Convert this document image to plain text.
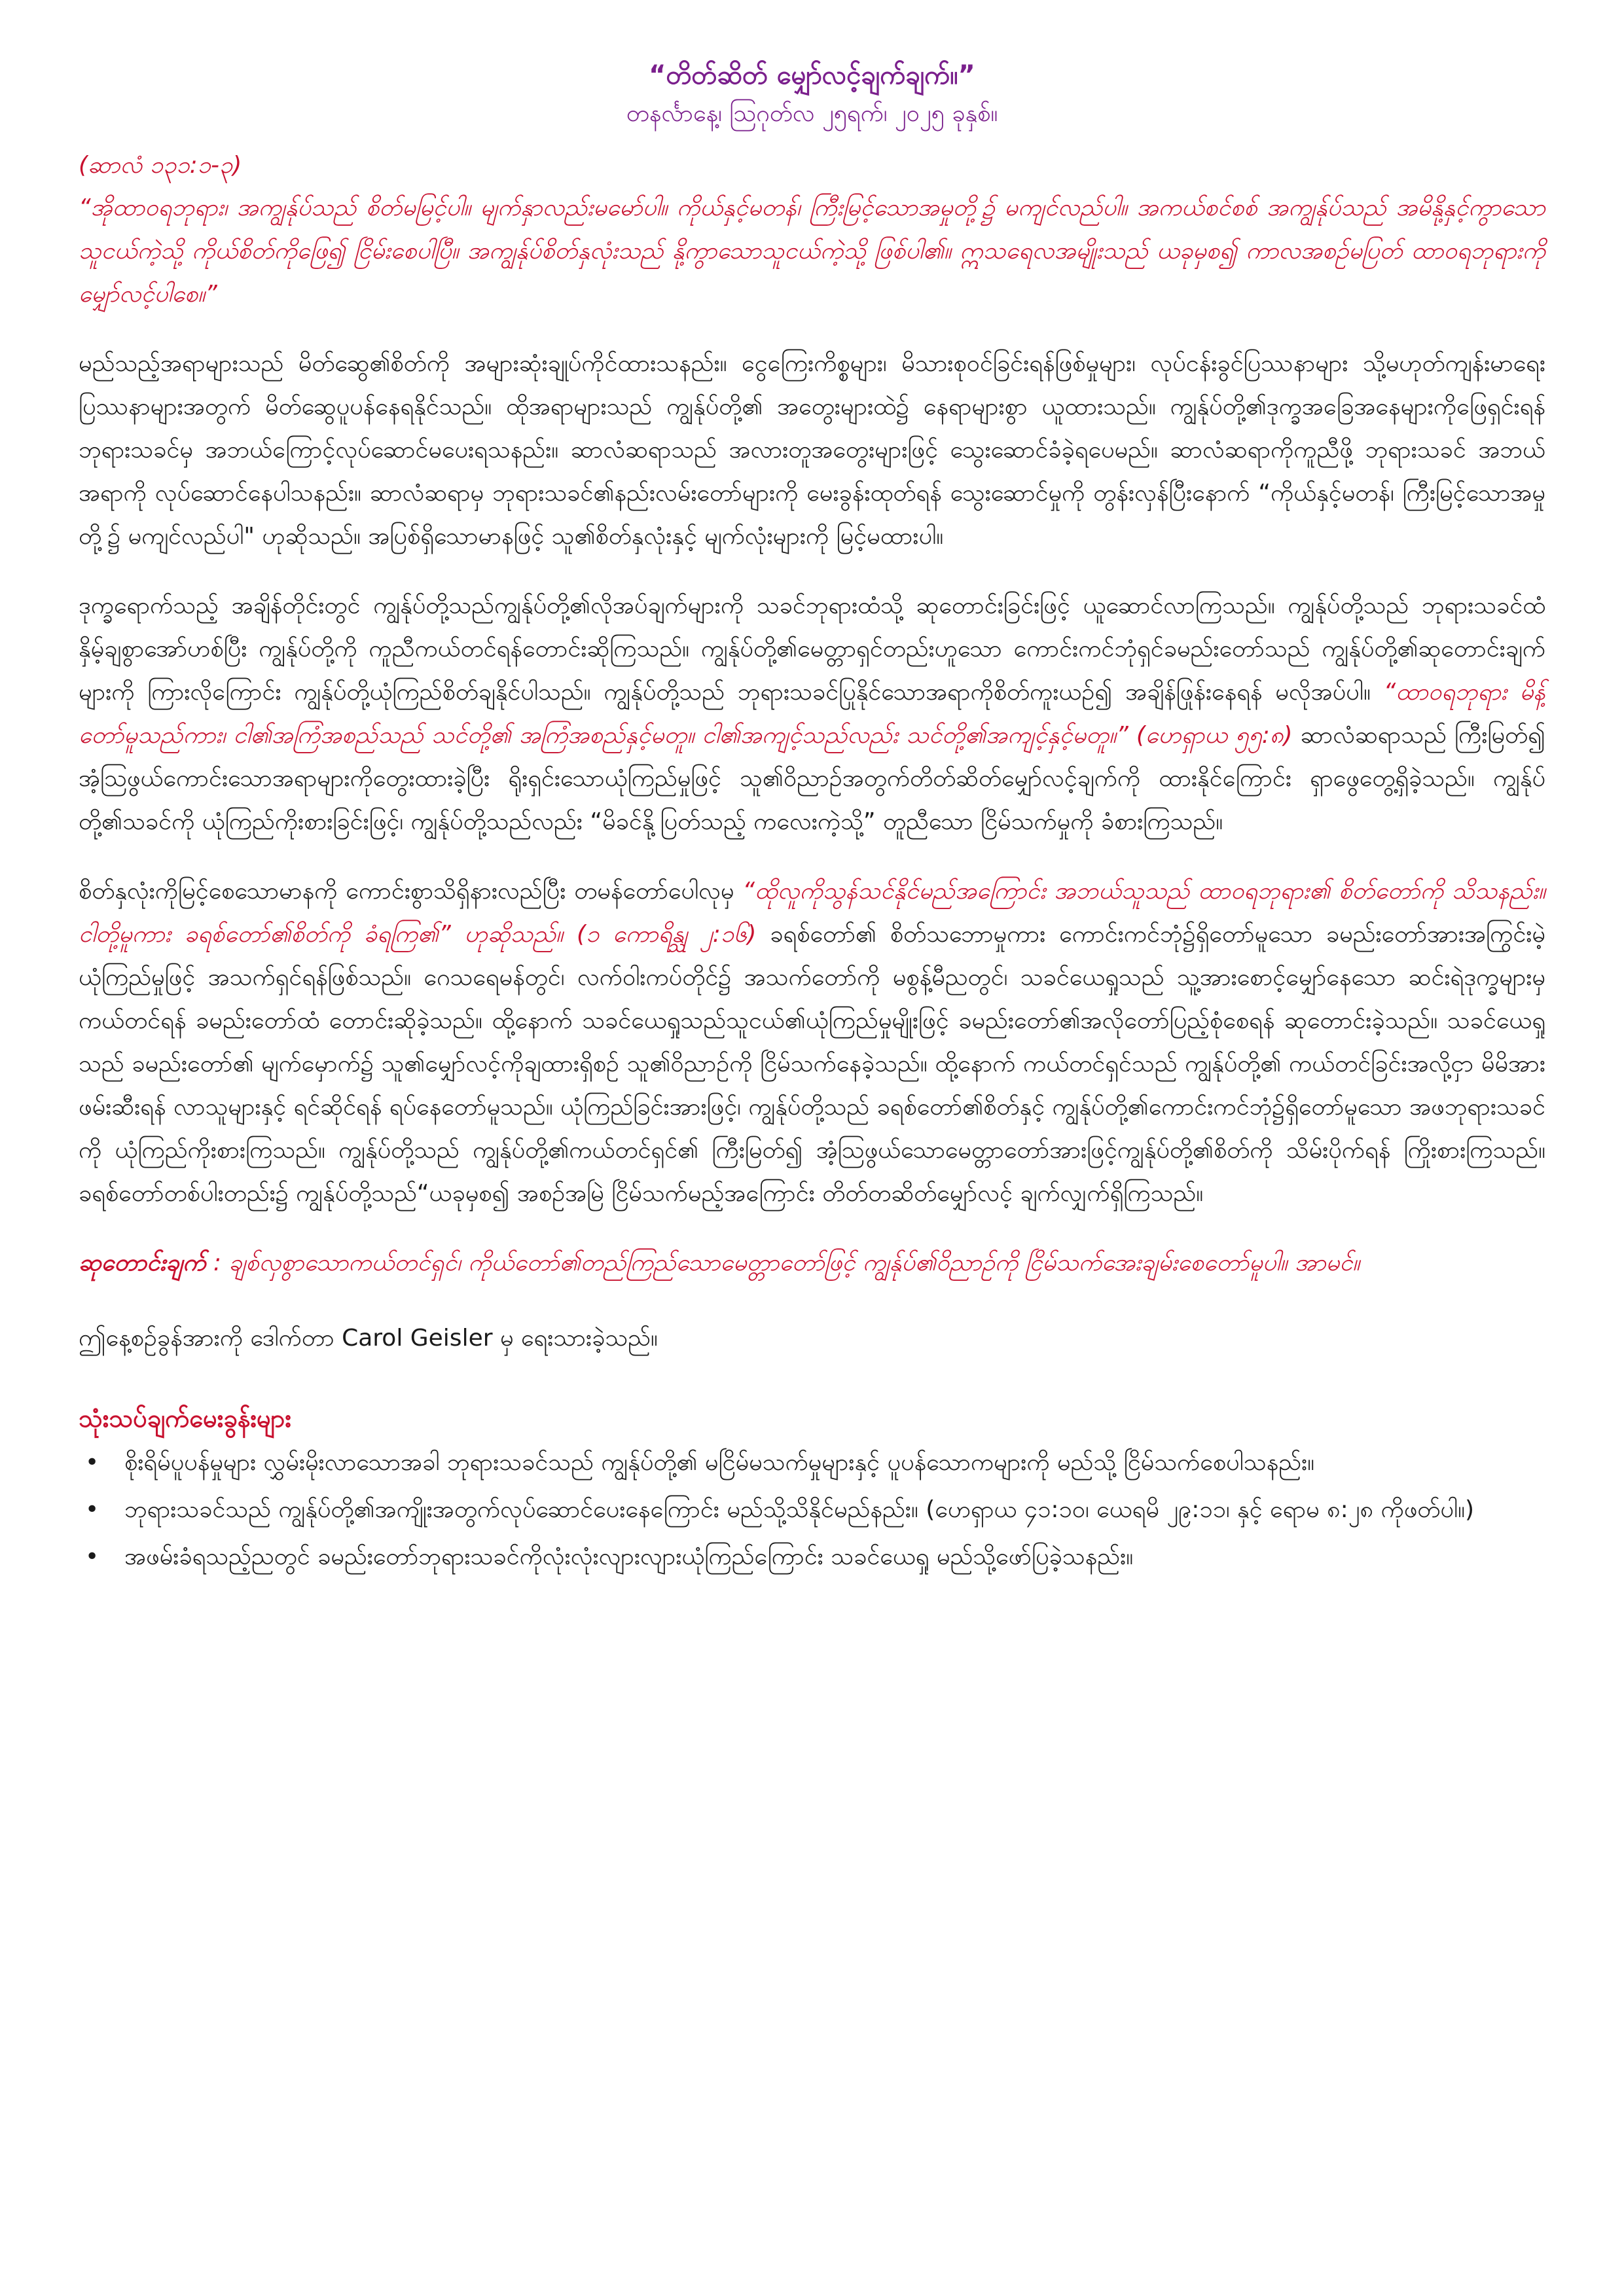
“တိတ်ဆိတ် မျှော်လင့်ချက်ချက်။”
တနင်္လာနေ့၊ ဩဂုတ်လ ၂၅ရက်၊ ၂၀၂၅ ခုနှစ်။
(ဆာလံ ၁၃၁:၁-၃)
“အိုထာဝရဘုရား၊ အကျွန်ုပ်သည် စိတ်မမြင့်ပါ။ မျက်နှာလည်းမမော်ပါ။ ကိုယ်နှင့်မတန်၊ ကြီးမြင့်သောအမှုတို့၌ မကျင်လည်ပါ။ အကယ်စင်စစ် အကျွန်ုပ်သည် အမိနို့နှင့်ကွာသော သူငယ်ကဲ့သို့ ကိုယ်စိတ်ကိုဖြေ၍ ငြိမ်းစေပါပြီ။ အကျွန်ုပ်စိတ်နှလုံးသည် နို့ကွာသောသူငယ်ကဲ့သို့ ဖြစ်ပါ၏။ ဣသရေလအမျိုးသည် ယခုမှစ၍ ကာလအစဉ်မပြတ် ထာဝရဘုရားကို မျှော်လင့်ပါစေ။”

မည်သည့်အရာများသည် မိတ်ဆွေ၏စိတ်ကို အများဆုံးချုပ်ကိုင်ထားသနည်း။ ငွေကြေးကိစ္စများ၊ မိသားစုဝင်ခြင်းရန်ဖြစ်မှုများ၊ လုပ်ငန်းခွင်ပြဿနာများ သို့မဟုတ်ကျန်းမာရေးပြဿနာများအတွက် မိတ်ဆွေပူပန်နေရနိုင်သည်။ ထိုအရာများသည် ကျွန်ုပ်တို့၏ အတွေးများထဲ၌ နေရာများစွာ ယူထားသည်။ ကျွန်ုပ်တို့၏ဒုက္ခအခြေအနေများကိုဖြေရှင်းရန် ဘုရားသခင်မှ အဘယ်ကြောင့်လုပ်ဆောင်မပေးရသနည်း။ ဆာလံဆရာသည် အလားတူအတွေးများဖြင့် သွေးဆောင်ခံခဲ့ရပေမည်။ ဆာလံဆရာကိုကူညီဖို့ ဘုရားသခင် အဘယ်အရာကို လုပ်ဆောင်နေပါသနည်း။ ဆာလံဆရာမှ ဘုရားသခင်၏နည်းလမ်းတော်များကို မေးခွန်းထုတ်ရန် သွေးဆောင်မှုကို တွန်းလှန်ပြီးနောက် “ကိုယ်နှင့်မတန်၊ ကြီးမြင့်သောအမှုတို့၌ မကျင်လည်ပါ" ဟုဆိုသည်။ အပြစ်ရှိသောမာနဖြင့် သူ၏စိတ်နှလုံးနှင့် မျက်လုံးများကို မြင့်မထားပါ။

ဒုက္ခရောက်သည့် အချိန်တိုင်းတွင် ကျွန်ုပ်တို့သည်ကျွန်ုပ်တို့၏လိုအပ်ချက်များကို သခင်ဘုရားထံသို့ ဆုတောင်းခြင်းဖြင့် ယူဆောင်လာကြသည်။ ကျွန်ုပ်တို့သည် ဘုရားသခင်ထံ နှိမ့်ချစွာအော်ဟစ်ပြီး ကျွန်ုပ်တို့ကို ကူညီကယ်တင်ရန်တောင်းဆိုကြသည်။ ကျွန်ုပ်တို့၏မေတ္တာရှင်တည်းဟူသော ကောင်းကင်ဘုံရှင်ခမည်းတော်သည် ကျွန်ုပ်တို့၏ဆုတောင်းချက်များကို ကြားလိုကြောင်း ကျွန်ုပ်တို့ယုံကြည်စိတ်ချနိုင်ပါသည်။ ကျွန်ုပ်တို့သည် ဘုရားသခင်ပြုနိုင်သောအရာကိုစိတ်ကူးယဉ်၍ အချိန်ဖြုန်းနေရန် မလိုအပ်ပါ။ “ထာဝရဘုရား မိန့်တော်မူသည်ကား၊ ငါ၏အကြံအစည်သည် သင်တို့၏ အကြံအစည်နှင့်မတူ။ ငါ၏အကျင့်သည်လည်း သင်တို့၏အကျင့်နှင့်မတူ။” (ဟေရှာယ ၅၅:၈) ဆာလံဆရာသည် ကြီးမြတ်၍ အံ့ဩဖွယ်ကောင်းသောအရာများကိုတွေးထားခဲ့ပြီး ရိုးရှင်းသောယုံကြည်မှုဖြင့် သူ၏ဝိညာဉ်အတွက်တိတ်ဆိတ်မျှော်လင့်ချက်ကို ထားနိုင်ကြောင်း ရှာဖွေတွေ့ရှိခဲ့သည်။ ကျွန်ုပ်တို့၏သခင်ကို ယုံကြည်ကိုးစားခြင်းဖြင့်၊ ကျွန်ုပ်တို့သည်လည်း “မိခင်နို့ပြတ်သည့် ကလေးကဲ့သို့” တူညီသော ငြိမ်သက်မှုကို ခံစားကြသည်။

စိတ်နှလုံးကိုမြင့်စေသောမာနကို ကောင်းစွာသိရှိနားလည်ပြီး တမန်တော်ပေါလုမှ “ထိုလူကိုသွန်သင်နိုင်မည်အကြောင်း အဘယ်သူသည် ထာဝရဘုရား၏ စိတ်တော်ကို သိသနည်း။ ငါတို့မူကား ခရစ်တော်၏စိတ်ကို ခံရကြ၏” ဟုဆိုသည်။ (၁ ကောရိန္သု ၂:၁၆) ခရစ်တော်၏ စိတ်သဘောမှုကား ကောင်းကင်ဘုံ၌ရှိတော်မူသော ခမည်းတော်အားအကြွင်းမဲ့ယုံကြည်မှုဖြင့် အသက်ရှင်ရန်ဖြစ်သည်။ ဂေသရေမန်တွင်၊ လက်ဝါးကပ်တိုင်၌ အသက်တော်ကို မစွန့်မီညတွင်၊ သခင်ယေရှုသည် သူ့အားစောင့်မျှော်နေသော ဆင်းရဲဒုက္ခများမှ ကယ်တင်ရန် ခမည်းတော်ထံ တောင်းဆိုခဲ့သည်။ ထို့နောက် သခင်ယေရှုသည်သူငယ်၏ယုံကြည်မှုမျိုးဖြင့် ခမည်းတော်၏အလိုတော်ပြည့်စုံစေရန် ဆုတောင်းခဲ့သည်။ သခင်ယေရှုသည် ခမည်းတော်၏ မျက်မှောက်၌ သူ၏မျှော်လင့်ကိုချထားရှိစဉ် သူ၏ဝိညာဉ်ကို ငြိမ်သက်နေခဲ့သည်။ ထို့နောက် ကယ်တင်ရှင်သည် ကျွန်ုပ်တို့၏ ကယ်တင်ခြင်းအလို့ငှာ မိမိအားဖမ်းဆီးရန် လာသူများနှင့် ရင်ဆိုင်ရန် ရပ်နေတော်မူသည်။ ယုံကြည်ခြင်းအားဖြင့်၊ ကျွန်ုပ်တို့သည် ခရစ်တော်၏စိတ်နှင့် ကျွန်ုပ်တို့၏ကောင်းကင်ဘုံ၌ရှိတော်မူသော အဖဘုရားသခင်ကို ယုံကြည်ကိုးစားကြသည်။ ကျွန်ုပ်တို့သည် ကျွန်ုပ်တို့၏ကယ်တင်ရှင်၏ ကြီးမြတ်၍ အံ့ဩဖွယ်သောမေတ္တာတော်အားဖြင့်ကျွန်ုပ်တို့၏စိတ်ကို သိမ်းပိုက်ရန် ကြိုးစားကြသည်။ ခရစ်တော်တစ်ပါးတည်း၌ ကျွန်ုပ်တို့သည်“ယခုမှစ၍ အစဉ်အမြဲ ငြိမ်သက်မည့်အကြောင်း တိတ်တဆိတ်မျှော်လင့် ချက်လျှက်ရှိကြသည်။

ဆုတောင်းချက် : ချစ်လှစွာသောကယ်တင်ရှင်၊ ကိုယ်တော်၏တည်ကြည်သောမေတ္တာတော်ဖြင့် ကျွန်ုပ်၏ဝိညာဉ်ကို ငြိမ်သက်အေးချမ်းစေတော်မူပါ။ အာမင်။
ဤနေ့စဉ်ခွန်အားကို ဒေါက်တာ Carol Geisler မှ ရေးသားခဲ့သည်။
သုံးသပ်ချက်မေးခွန်းများ
• စိုးရိမ်ပူပန်မှုများ လွှမ်းမိုးလာသောအခါ ဘုရားသခင်သည် ကျွန်ုပ်တို့၏ မငြိမ်မသက်မှုများနှင့် ပူပန်သောကများကို မည်သို့ ငြိမ်သက်စေပါသနည်း။
• ဘုရားသခင်သည် ကျွန်ုပ်တို့၏အကျိုးအတွက်လုပ်ဆောင်ပေးနေကြောင်း မည်သို့သိနိုင်မည်နည်း။ (ဟေရှာယ ၄၁:၁၀၊ ယေရမိ ၂၉:၁၁၊ နှင့် ရောမ ၈:၂၈ ကိုဖတ်ပါ။)
• အဖမ်းခံရသည့်ညတွင် ခမည်းတော်ဘုရားသခင်ကိုလုံးလုံးလျားလျားယုံကြည်ကြောင်း သခင်ယေရှု မည်သို့ဖော်ပြခဲ့သနည်း။
